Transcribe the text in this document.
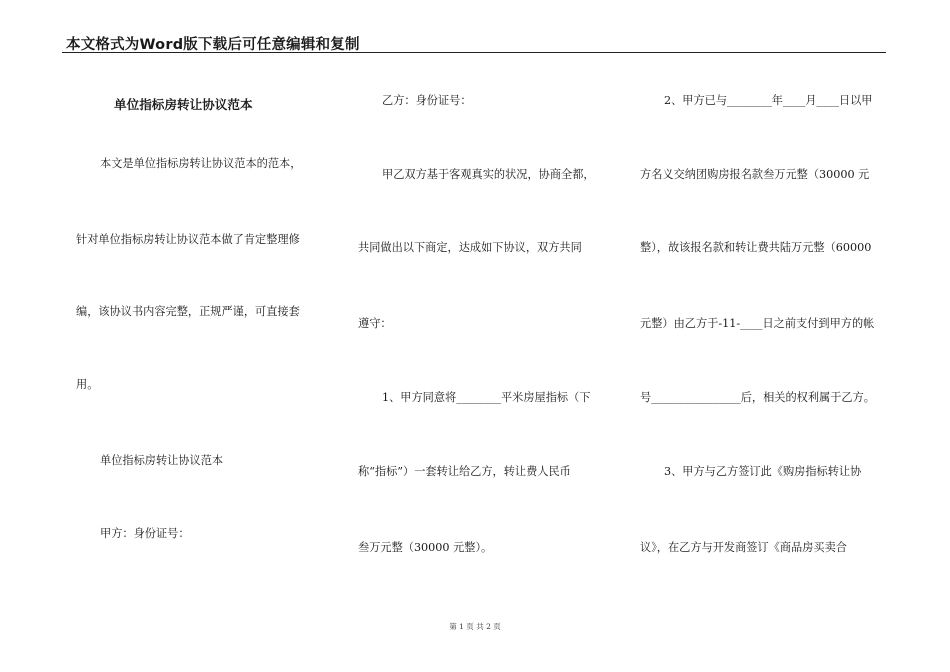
本文格式为Word版下载后可任意编辑和复制
单位指标房转让协议范本
本文是单位指标房转让协议范本的范本，
针对单位指标房转让协议范本做了肯定整理修
编，该协议书内容完整，正规严谨，可直接套
用。
单位指标房转让协议范本
甲方：身份证号：
乙方：身份证号：
甲乙双方基于客观真实的状况，协商全都，
共同做出以下商定，达成如下协议，双方共同
遵守：
1、甲方同意将________平米房屋指标（下
称“指标”）一套转让给乙方，转让费人民币
叁万元整（30000 元整）。
2、甲方已与________年____月____日以甲
方名义交纳团购房报名款叁万元整（30000 元
整），故该报名款和转让费共陆万元整（60000
元整）由乙方于-11-____日之前支付到甲方的帐
号________________后，相关的权利属于乙方。
3、甲方与乙方签订此《购房指标转让协
议》，在乙方与开发商签订《商品房买卖合
第 1 页 共 2 页
